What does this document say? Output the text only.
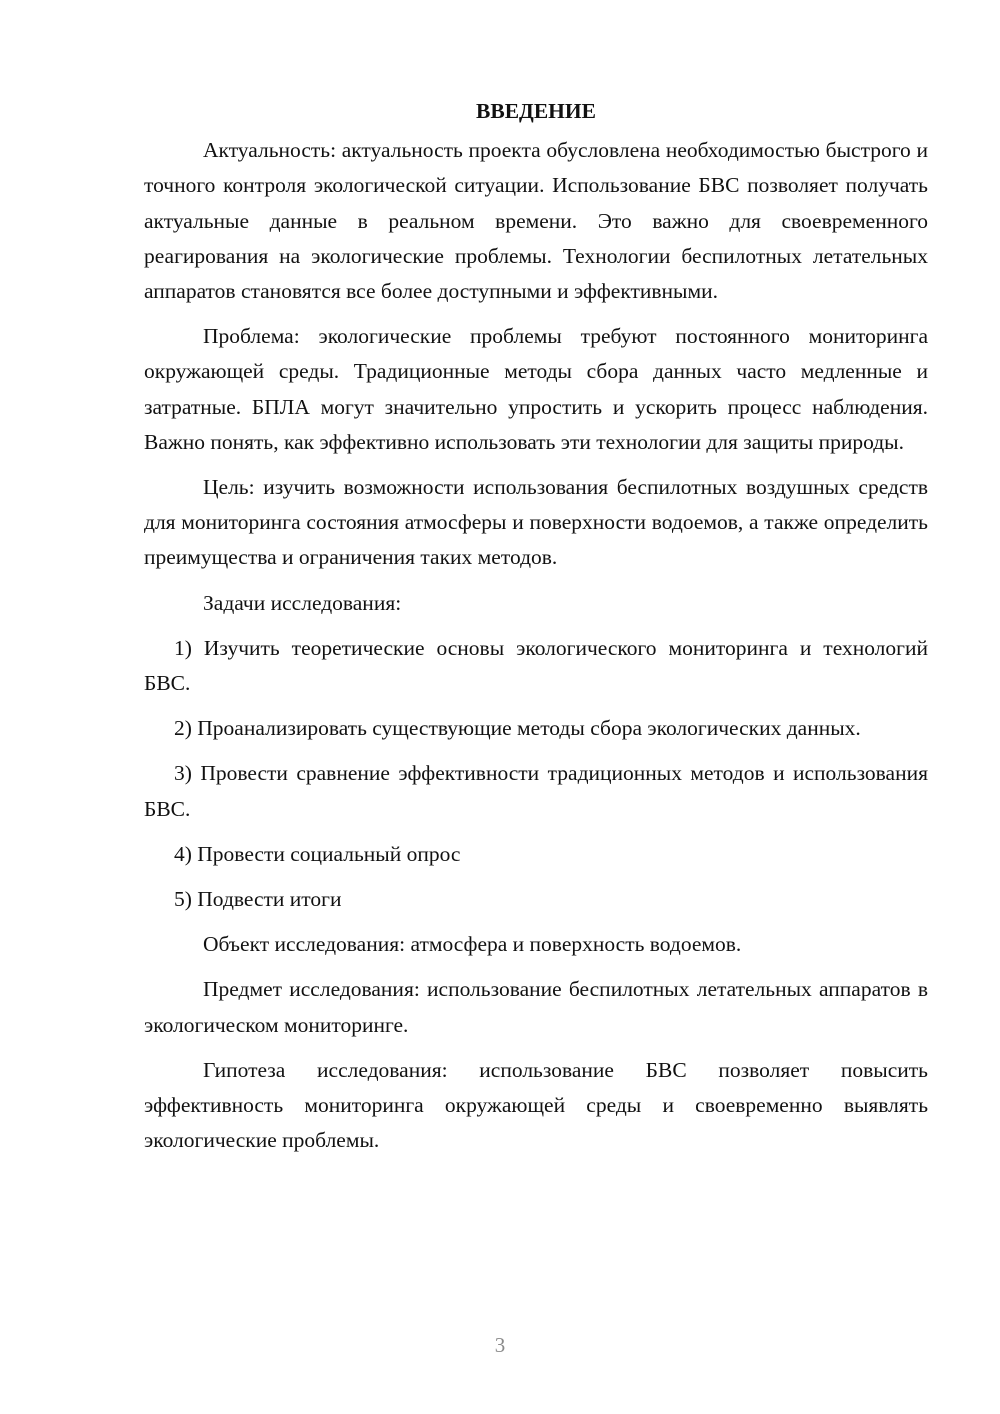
ВВЕДЕНИЕ

Актуальность: актуальность проекта обусловлена необходимостью быстрого и точного контроля экологической ситуации. Использование БВС позволяет получать актуальные данные в реальном времени. Это важно для своевременного реагирования на экологические проблемы. Технологии беспилотных летательных аппаратов становятся все более доступными и эффективными.

Проблема: экологические проблемы требуют постоянного мониторинга окружающей среды. Традиционные методы сбора данных часто медленные и затратные. БПЛА могут значительно упростить и ускорить процесс наблюдения. Важно понять, как эффективно использовать эти технологии для защиты природы.

Цель: изучить возможности использования беспилотных воздушных средств для мониторинга состояния атмосферы и поверхности водоемов, а также определить преимущества и ограничения таких методов.

Задачи исследования:

1) Изучить теоретические основы экологического мониторинга и технологий БВС.

2) Проанализировать существующие методы сбора экологических данных.

3) Провести сравнение эффективности традиционных методов и использования БВС.

4) Провести социальный опрос

5) Подвести итоги

Объект исследования: атмосфера и поверхность водоемов.

Предмет исследования: использование беспилотных летательных аппаратов в экологическом мониторинге.

Гипотеза исследования: использование БВС позволяет повысить эффективность мониторинга окружающей среды и своевременно выявлять экологические проблемы.

3
